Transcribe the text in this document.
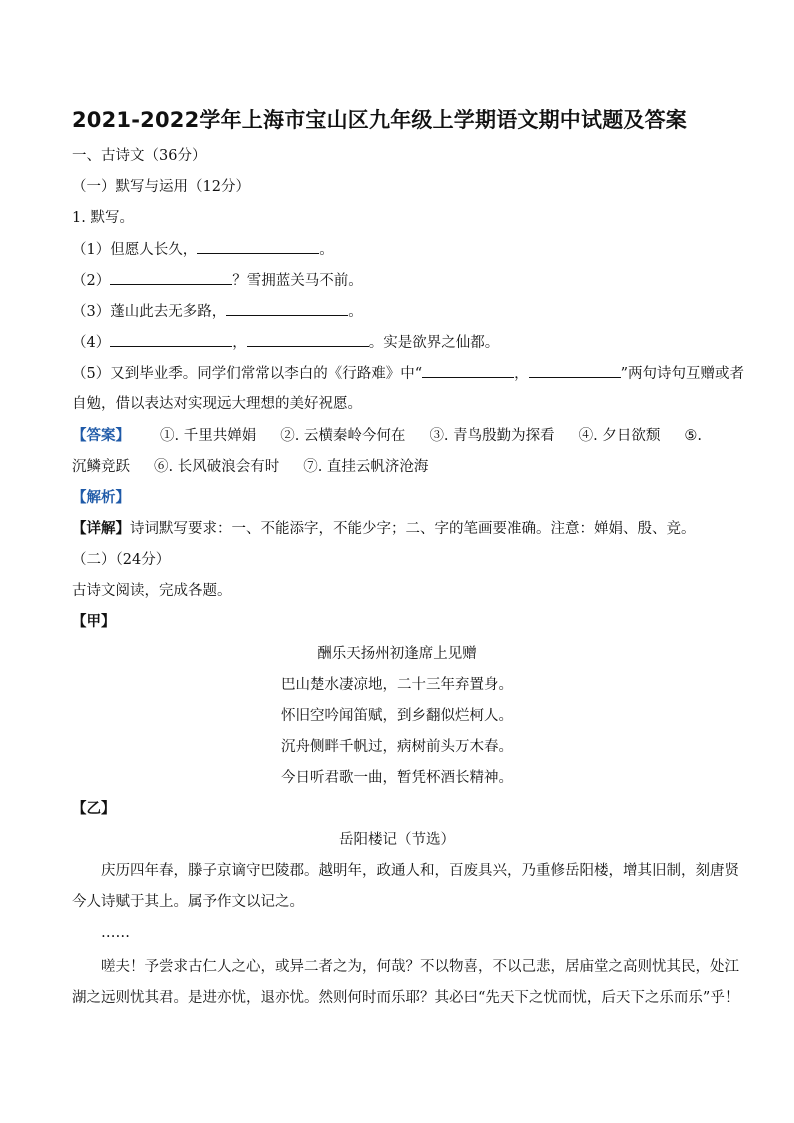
2021-2022学年上海市宝山区九年级上学期语文期中试题及答案
一、古诗文（36分）
（一）默写与运用（12分）
1. 默写。
（1）但愿人长久，	。
（2）	？雪拥蓝关马不前。
（3）蓬山此去无多路，	。
（4）	，	。实是欲界之仙都。
（5）又到毕业季。同学们常常以李白的《行路难》中“	，	”两句诗句互赠或者
自勉，借以表达对实现远大理想的美好祝愿。
【答案】 ①. 千里共婵娟 ②. 云横秦岭今何在 ③. 青鸟殷勤为探看 ④. 夕日欲颓 ⑤.
沉鳞竞跃 ⑥. 长风破浪会有时 ⑦. 直挂云帆济沧海
【解析】
【详解】诗词默写要求：一、不能添字，不能少字；二、字的笔画要准确。注意：婵娟、殷、竞。
（二）（24分）
古诗文阅读，完成各题。
【甲】
酬乐天扬州初逢席上见赠
巴山楚水凄凉地，二十三年弃置身。
怀旧空吟闻笛赋，到乡翻似烂柯人。
沉舟侧畔千帆过，病树前头万木春。
今日听君歌一曲，暂凭杯酒长精神。
【乙】
岳阳楼记（节选）
庆历四年春，滕子京谪守巴陵郡。越明年，政通人和，百废具兴，乃重修岳阳楼，增其旧制，刻唐贤
今人诗赋于其上。属予作文以记之。
……
嗟夫！予尝求古仁人之心，或异二者之为，何哉？不以物喜，不以己悲，居庙堂之高则忧其民，处江
湖之远则忧其君。是进亦忧，退亦忧。然则何时而乐耶？其必曰“先天下之忧而忧，后天下之乐而乐”乎！
